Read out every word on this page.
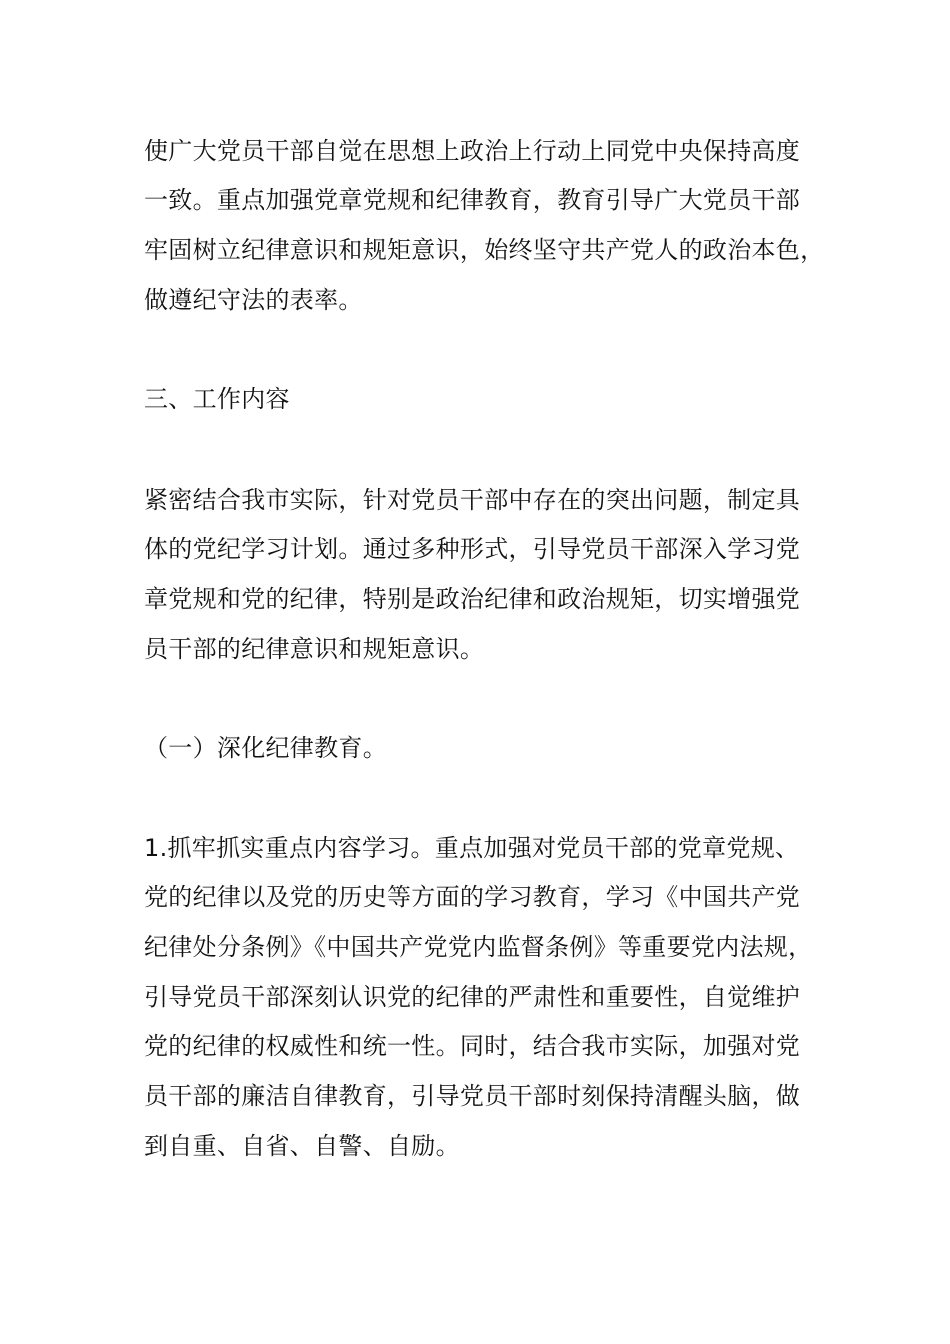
使广大党员干部自觉在思想上政治上行动上同党中央保持高度

一致。重点加强党章党规和纪律教育，教育引导广大党员干部

牢固树立纪律意识和规矩意识，始终坚守共产党人的政治本色，

做遵纪守法的表率。

三、工作内容

紧密结合我市实际，针对党员干部中存在的突出问题，制定具

体的党纪学习计划。通过多种形式，引导党员干部深入学习党

章党规和党的纪律，特别是政治纪律和政治规矩，切实增强党

员干部的纪律意识和规矩意识。

（一）深化纪律教育。

1.抓牢抓实重点内容学习。重点加强对党员干部的党章党规、

党的纪律以及党的历史等方面的学习教育，学习《中国共产党

纪律处分条例》《中国共产党党内监督条例》等重要党内法规，

引导党员干部深刻认识党的纪律的严肃性和重要性，自觉维护

党的纪律的权威性和统一性。同时，结合我市实际，加强对党

员干部的廉洁自律教育，引导党员干部时刻保持清醒头脑，做

到自重、自省、自警、自励。
